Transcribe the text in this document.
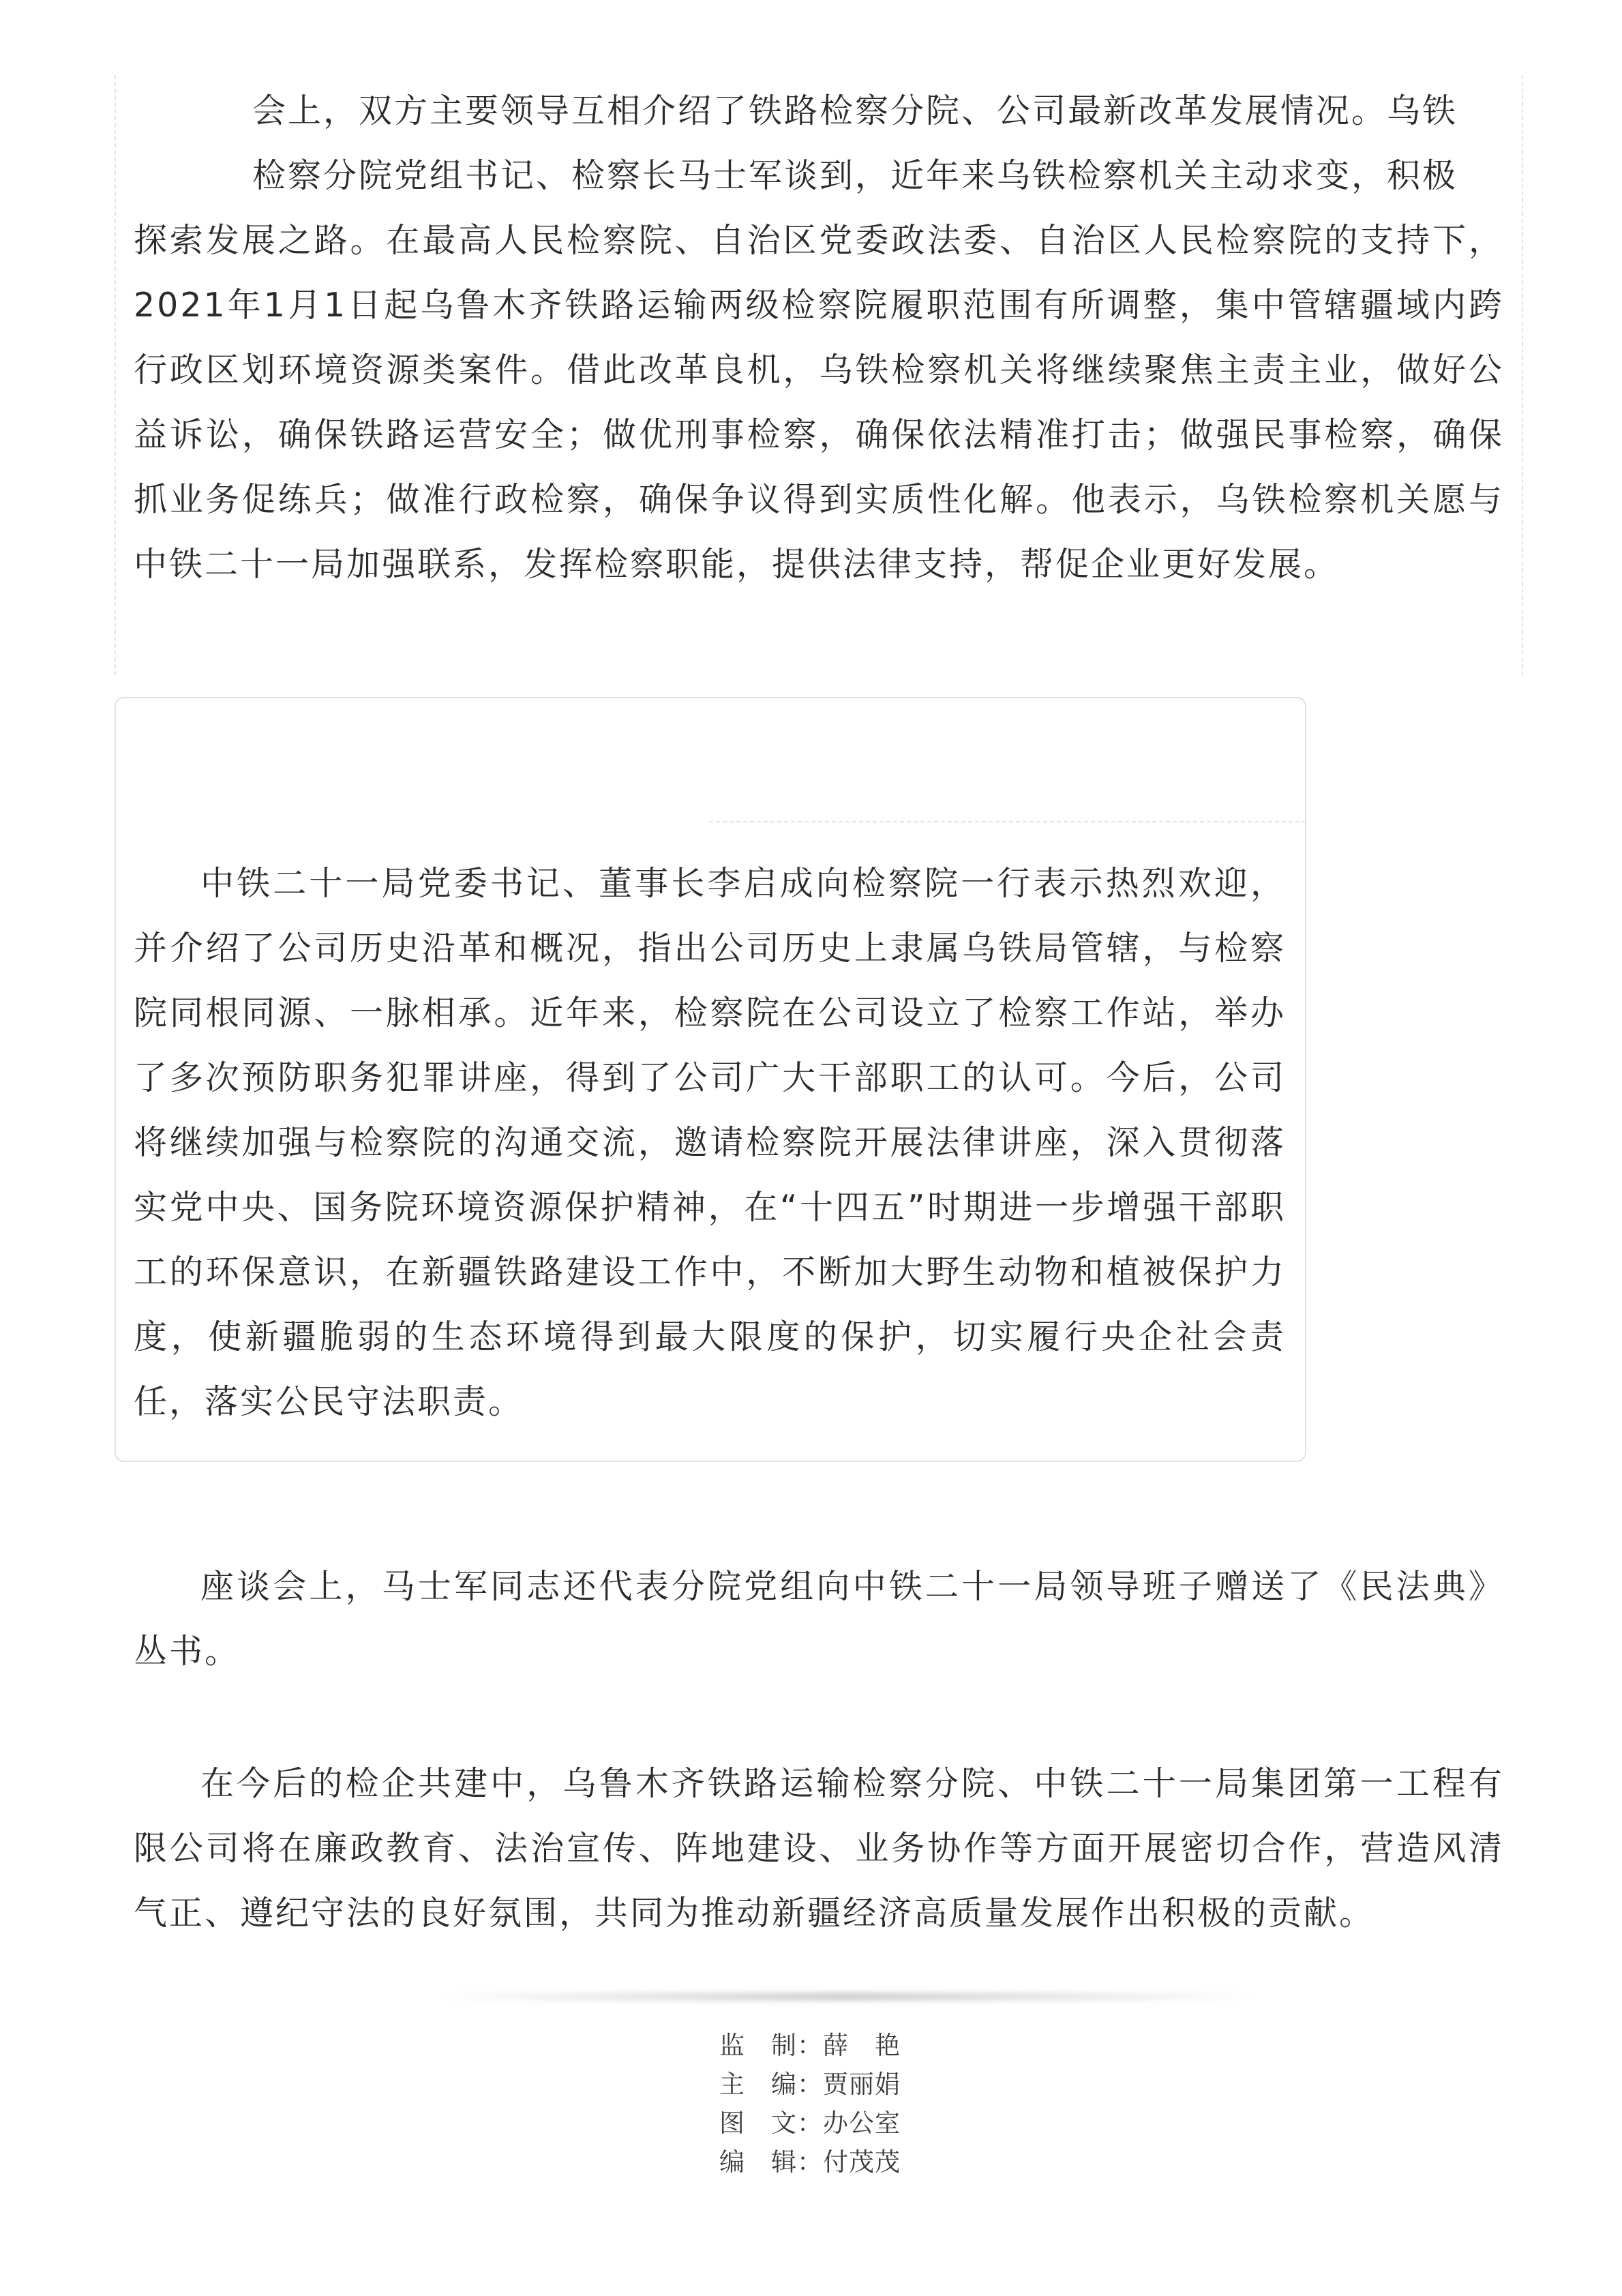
会上，双方主要领导互相介绍了铁路检察分院、公司最新改革发展情况。乌铁
检察分院党组书记、检察长马士军谈到，近年来乌铁检察机关主动求变，积极
探索发展之路。在最高人民检察院、自治区党委政法委、自治区人民检察院的支持下，2021年1月1日起乌鲁木齐铁路运输两级检察院履职范围有所调整，集中管辖疆域内跨行政区划环境资源类案件。借此改革良机，乌铁检察机关将继续聚焦主责主业，做好公益诉讼，确保铁路运营安全；做优刑事检察，确保依法精准打击；做强民事检察，确保抓业务促练兵；做准行政检察，确保争议得到实质性化解。他表示，乌铁检察机关愿与中铁二十一局加强联系，发挥检察职能，提供法律支持，帮促企业更好发展。

中铁二十一局党委书记、董事长李启成向检察院一行表示热烈欢迎，并介绍了公司历史沿革和概况，指出公司历史上隶属乌铁局管辖，与检察院同根同源、一脉相承。近年来，检察院在公司设立了检察工作站，举办了多次预防职务犯罪讲座，得到了公司广大干部职工的认可。今后，公司将继续加强与检察院的沟通交流，邀请检察院开展法律讲座，深入贯彻落实党中央、国务院环境资源保护精神，在“十四五”时期进一步增强干部职工的环保意识，在新疆铁路建设工作中，不断加大野生动物和植被保护力度，使新疆脆弱的生态环境得到最大限度的保护，切实履行央企社会责任，落实公民守法职责。

座谈会上，马士军同志还代表分院党组向中铁二十一局领导班子赠送了《民法典》丛书。

在今后的检企共建中，乌鲁木齐铁路运输检察分院、中铁二十一局集团第一工程有限公司将在廉政教育、法治宣传、阵地建设、业务协作等方面开展密切合作，营造风清气正、遵纪守法的良好氛围，共同为推动新疆经济高质量发展作出积极的贡献。

监　制：薛　艳
主　编：贾丽娟
图　文：办公室
编　辑：付茂茂
